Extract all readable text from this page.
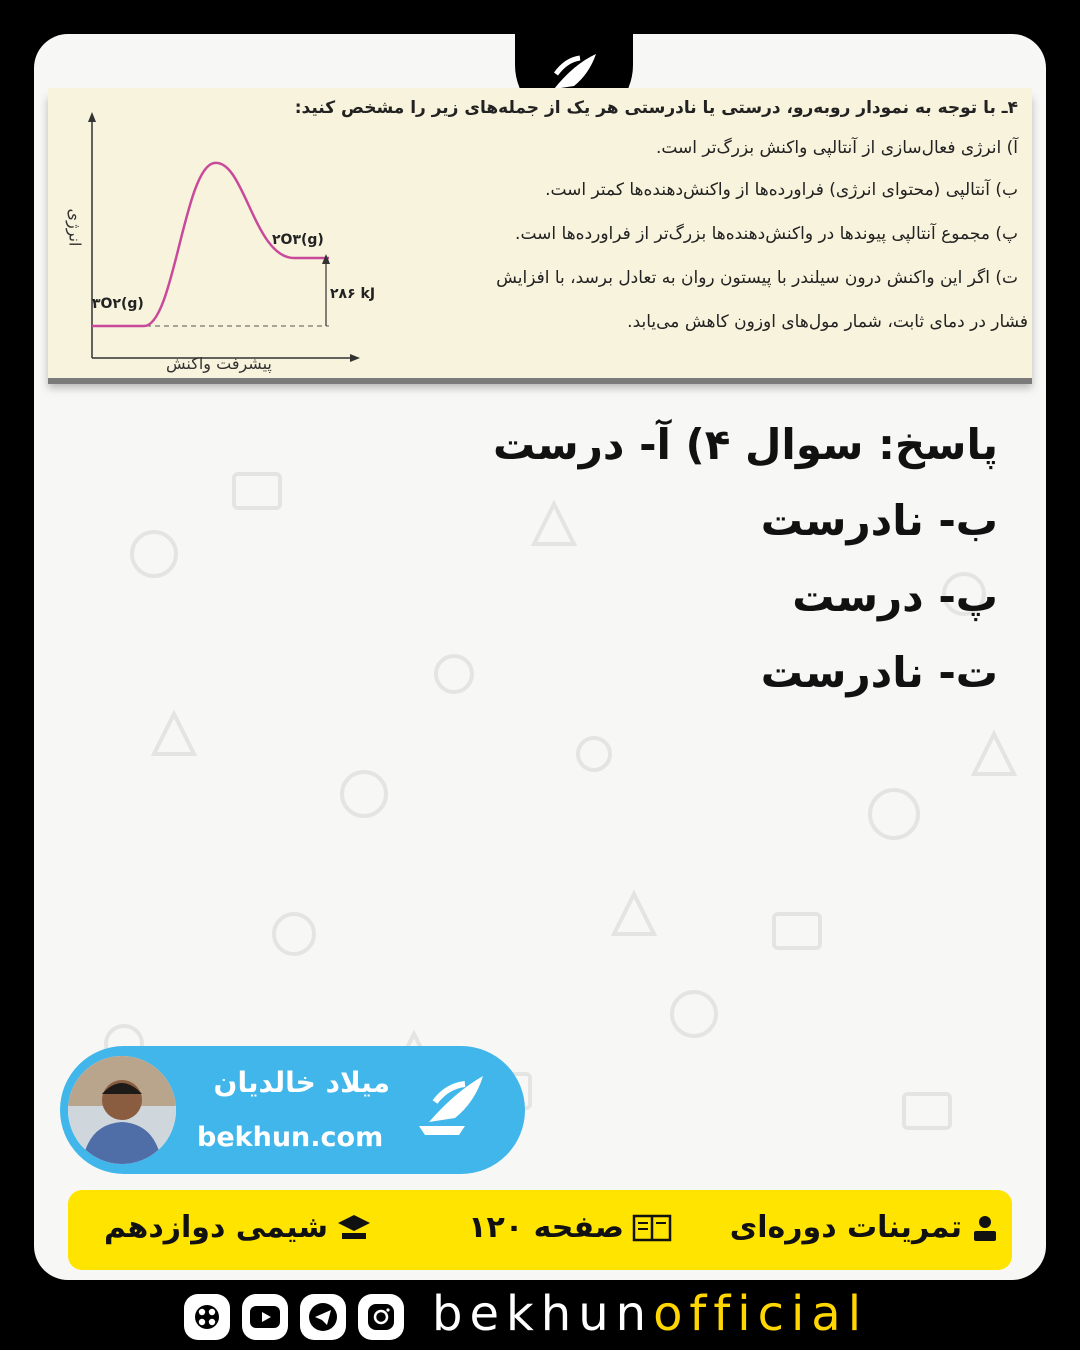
انرژی
پیشرفت واکنش
۳O۲(g)
۲O۳(g)
۲۸۶ kJ
۴ـ با توجه به نمودار روبه‌رو، درستی یا نادرستی هر یک از جمله‌های زیر را مشخص کنید:
آ) انرژی فعال‌سازی از آنتالپی واکنش بزرگ‌تر است.
ب) آنتالپی (محتوای انرژی) فراورده‌ها از واکنش‌دهنده‌ها کمتر است.
پ) مجموع آنتالپی پیوندها در واکنش‌دهنده‌ها بزرگ‌تر از فراورده‌ها است.
ت) اگر این واکنش درون سیلندر با پیستون روان به تعادل برسد، با افزایش
فشار در دمای ثابت، شمار مول‌های اوزون کاهش می‌یابد.
پاسخ: سوال ۴) آ- درست
ب- نادرست
پ- درست
ت- نادرست
میلاد خالدیان
bekhun.com
تمرینات دوره‌ای
صفحه ۱۲۰
شیمی دوازدهم
bekhunofficial
